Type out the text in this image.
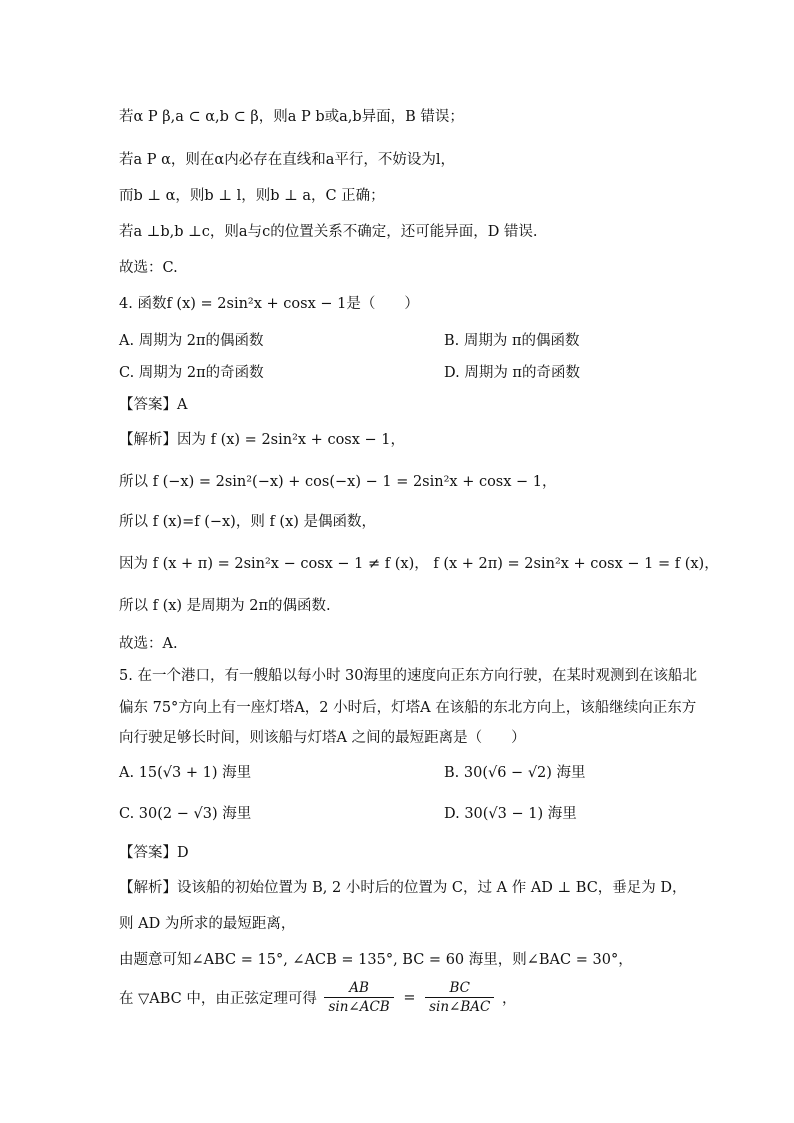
若α P β,a ⊂ α,b ⊂ β，则a P b或a,b异面，B 错误；
若a P α，则在α内必存在直线和a平行，不妨设为l，
而b ⊥ α，则b ⊥ l，则b ⊥ a，C 正确；
若a ⊥b,b ⊥c，则a与c的位置关系不确定，还可能异面，D 错误.
故选：C.
4. 函数f (x) = 2sin²x + cosx − 1是（　　）
A. 周期为 2π的偶函数	B. 周期为 π的偶函数
C. 周期为 2π的奇函数	D. 周期为 π的奇函数
【答案】A
【解析】因为 f (x) = 2sin²x + cosx − 1，
所以 f (−x) = 2sin²(−x) + cos(−x) − 1 = 2sin²x + cosx − 1，
所以 f (x)=f (−x)，则 f (x) 是偶函数，
因为 f (x + π) = 2sin²x − cosx − 1 ≠ f (x)， f (x + 2π) = 2sin²x + cosx − 1 = f (x)，
所以 f (x) 是周期为 2π的偶函数.
故选：A.
5. 在一个港口，有一艘船以每小时 30海里的速度向正东方向行驶，在某时观测到在该船北
偏东 75°方向上有一座灯塔A，2 小时后，灯塔A 在该船的东北方向上，该船继续向正东方
向行驶足够长时间，则该船与灯塔A 之间的最短距离是（　　）
A. 15(√3 + 1) 海里	B. 30(√6 − √2) 海里
C. 30(2 − √3) 海里	D. 30(√3 − 1) 海里
【答案】D
【解析】设该船的初始位置为 B, 2 小时后的位置为 C，过 A 作 AD ⊥ BC，垂足为 D，
则 AD 为所求的最短距离，
由题意可知∠ABC = 15°, ∠ACB = 135°, BC = 60 海里，则∠BAC = 30°，
在 ▽ABC 中，由正弦定理可得 $\frac{AB}{\text{sin∠ACB}} = \frac{BC}{\text{sin∠BAC}}$ ，
